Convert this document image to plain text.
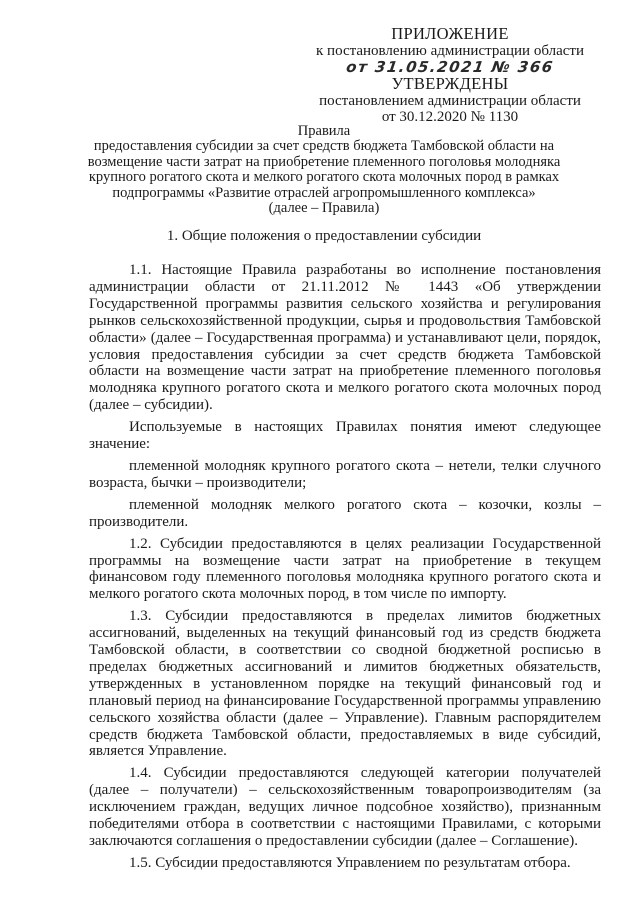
ПРИЛОЖЕНИЕ
к постановлению администрации области
от 31.05.2021 № 366
УТВЕРЖДЕНЫ
постановлением администрации области
от 30.12.2020 № 1130
Правила
предоставления субсидии за счет средств бюджета Тамбовской области на
возмещение части затрат на приобретение племенного поголовья молодняка
крупного рогатого скота и мелкого рогатого скота молочных пород в рамках
подпрограммы «Развитие отраслей агропромышленного комплекса»
(далее – Правила)
1. Общие положения о предоставлении субсидии

1.1. Настоящие Правила разработаны во исполнение постановления администрации области от 21.11.2012 № 1443 «Об утверждении Государственной программы развития сельского хозяйства и регулирования рынков сельскохозяйственной продукции, сырья и продовольствия Тамбовской области» (далее – Государственная программа) и устанавливают цели, порядок, условия предоставления субсидии за счет средств бюджета Тамбовской области на возмещение части затрат на приобретение племенного поголовья молодняка крупного рогатого скота и мелкого рогатого скота молочных пород (далее – субсидии).

Используемые в настоящих Правилах понятия имеют следующее значение:

племенной молодняк крупного рогатого скота – нетели, телки случного возраста, бычки – производители;

племенной молодняк мелкого рогатого скота – козочки, козлы – производители.

1.2. Субсидии предоставляются в целях реализации Государственной программы на возмещение части затрат на приобретение в текущем финансовом году племенного поголовья молодняка крупного рогатого скота и мелкого рогатого скота молочных пород, в том числе по импорту.

1.3. Субсидии предоставляются в пределах лимитов бюджетных ассигнований, выделенных на текущий финансовый год из средств бюджета Тамбовской области, в соответствии со сводной бюджетной росписью в пределах бюджетных ассигнований и лимитов бюджетных обязательств, утвержденных в установленном порядке на текущий финансовый год и плановый период на финансирование Государственной программы управлению сельского хозяйства области (далее – Управление). Главным распорядителем средств бюджета Тамбовской области, предоставляемых в виде субсидий, является Управление.

1.4. Субсидии предоставляются следующей категории получателей (далее – получатели) – сельскохозяйственным товаропроизводителям (за исключением граждан, ведущих личное подсобное хозяйство), признанным победителями отбора в соответствии с настоящими Правилами, с которыми заключаются соглашения о предоставлении субсидии (далее – Соглашение).

1.5. Субсидии предоставляются Управлением по результатам отбора.
